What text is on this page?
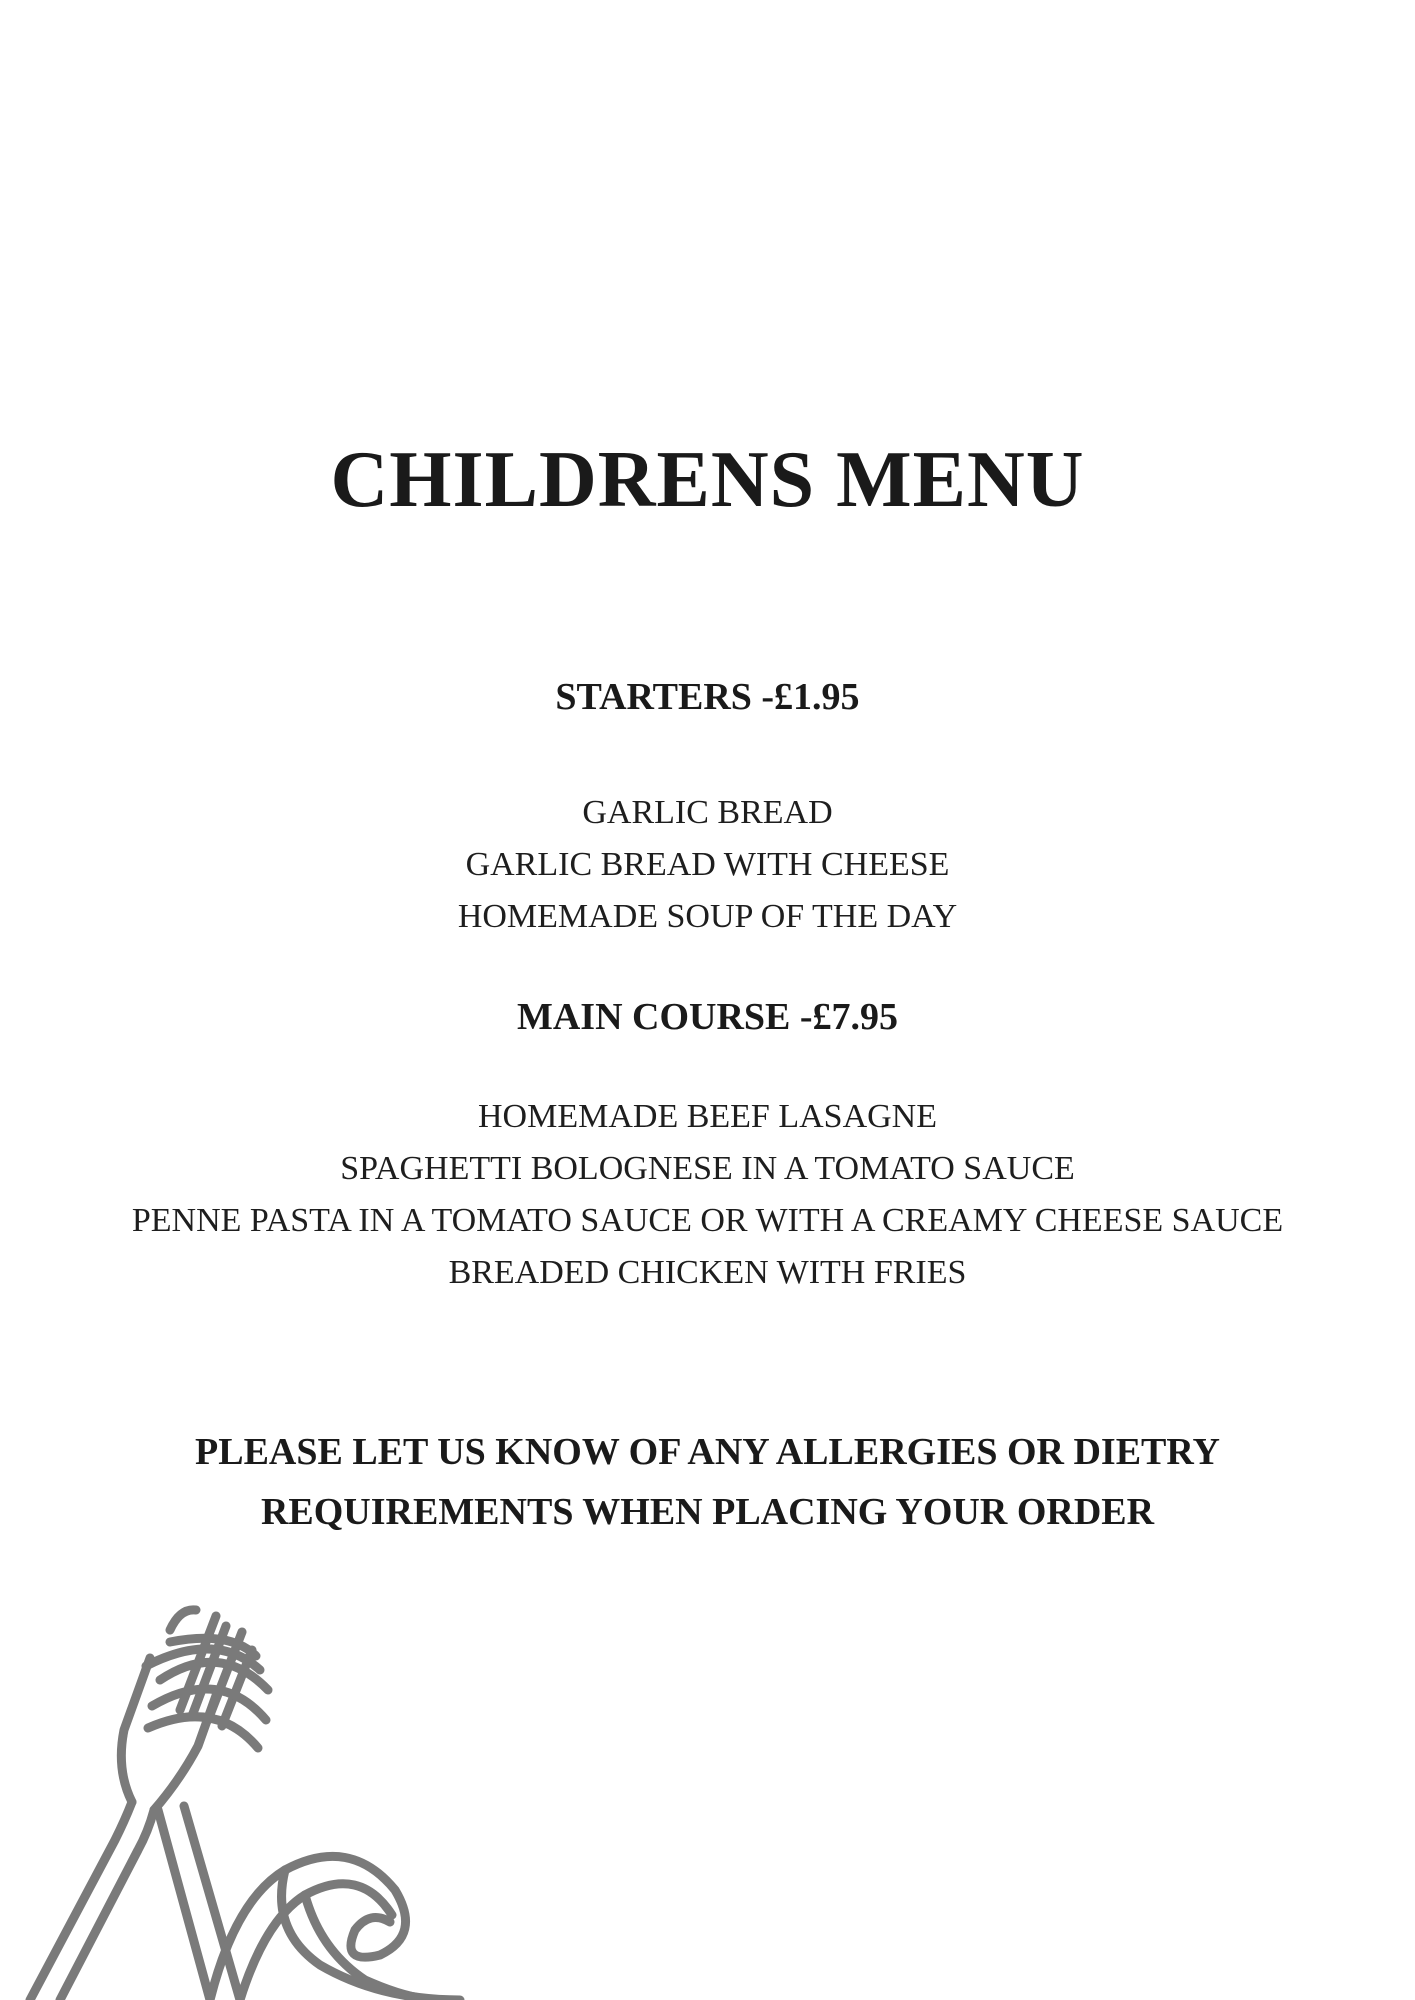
CHILDRENS MENU
STARTERS -£1.95
GARLIC BREAD
GARLIC BREAD WITH CHEESE
HOMEMADE SOUP OF THE DAY
MAIN COURSE -£7.95
HOMEMADE BEEF LASAGNE
SPAGHETTI BOLOGNESE IN A TOMATO SAUCE
PENNE PASTA IN A TOMATO SAUCE OR WITH A CREAMY CHEESE SAUCE
BREADED CHICKEN WITH FRIES

PLEASE LET US KNOW OF ANY ALLERGIES OR DIETRY
REQUIREMENTS WHEN PLACING YOUR ORDER
